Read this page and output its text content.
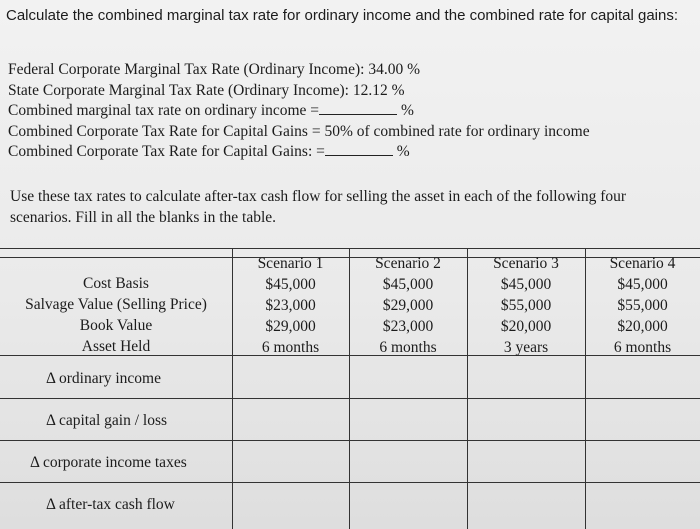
Calculate the combined marginal tax rate for ordinary income and the combined rate for capital gains:
Federal Corporate Marginal Tax Rate (Ordinary Income): 34.00 %
State Corporate Marginal Tax Rate (Ordinary Income): 12.12 %
Combined marginal tax rate on ordinary income =	%
Combined Corporate Tax Rate for Capital Gains = 50% of combined rate for ordinary income
Combined Corporate Tax Rate for Capital Gains: =	%
Use these tax rates to calculate after-tax cash flow for selling the asset in each of the following four scenarios. Fill in all the blanks in the table.
Cost Basis
Salvage Value (Selling Price)
Book Value
Asset Held
Scenario 1
$45,000
$23,000
$29,000
6 months
Scenario 2
$45,000
$29,000
$23,000
6 months
Scenario 3
$45,000
$55,000
$20,000
3 years
Scenario 4
$45,000
$55,000
$20,000
6 months
Δ ordinary income
Δ capital gain / loss
Δ corporate income taxes
Δ after-tax cash flow
